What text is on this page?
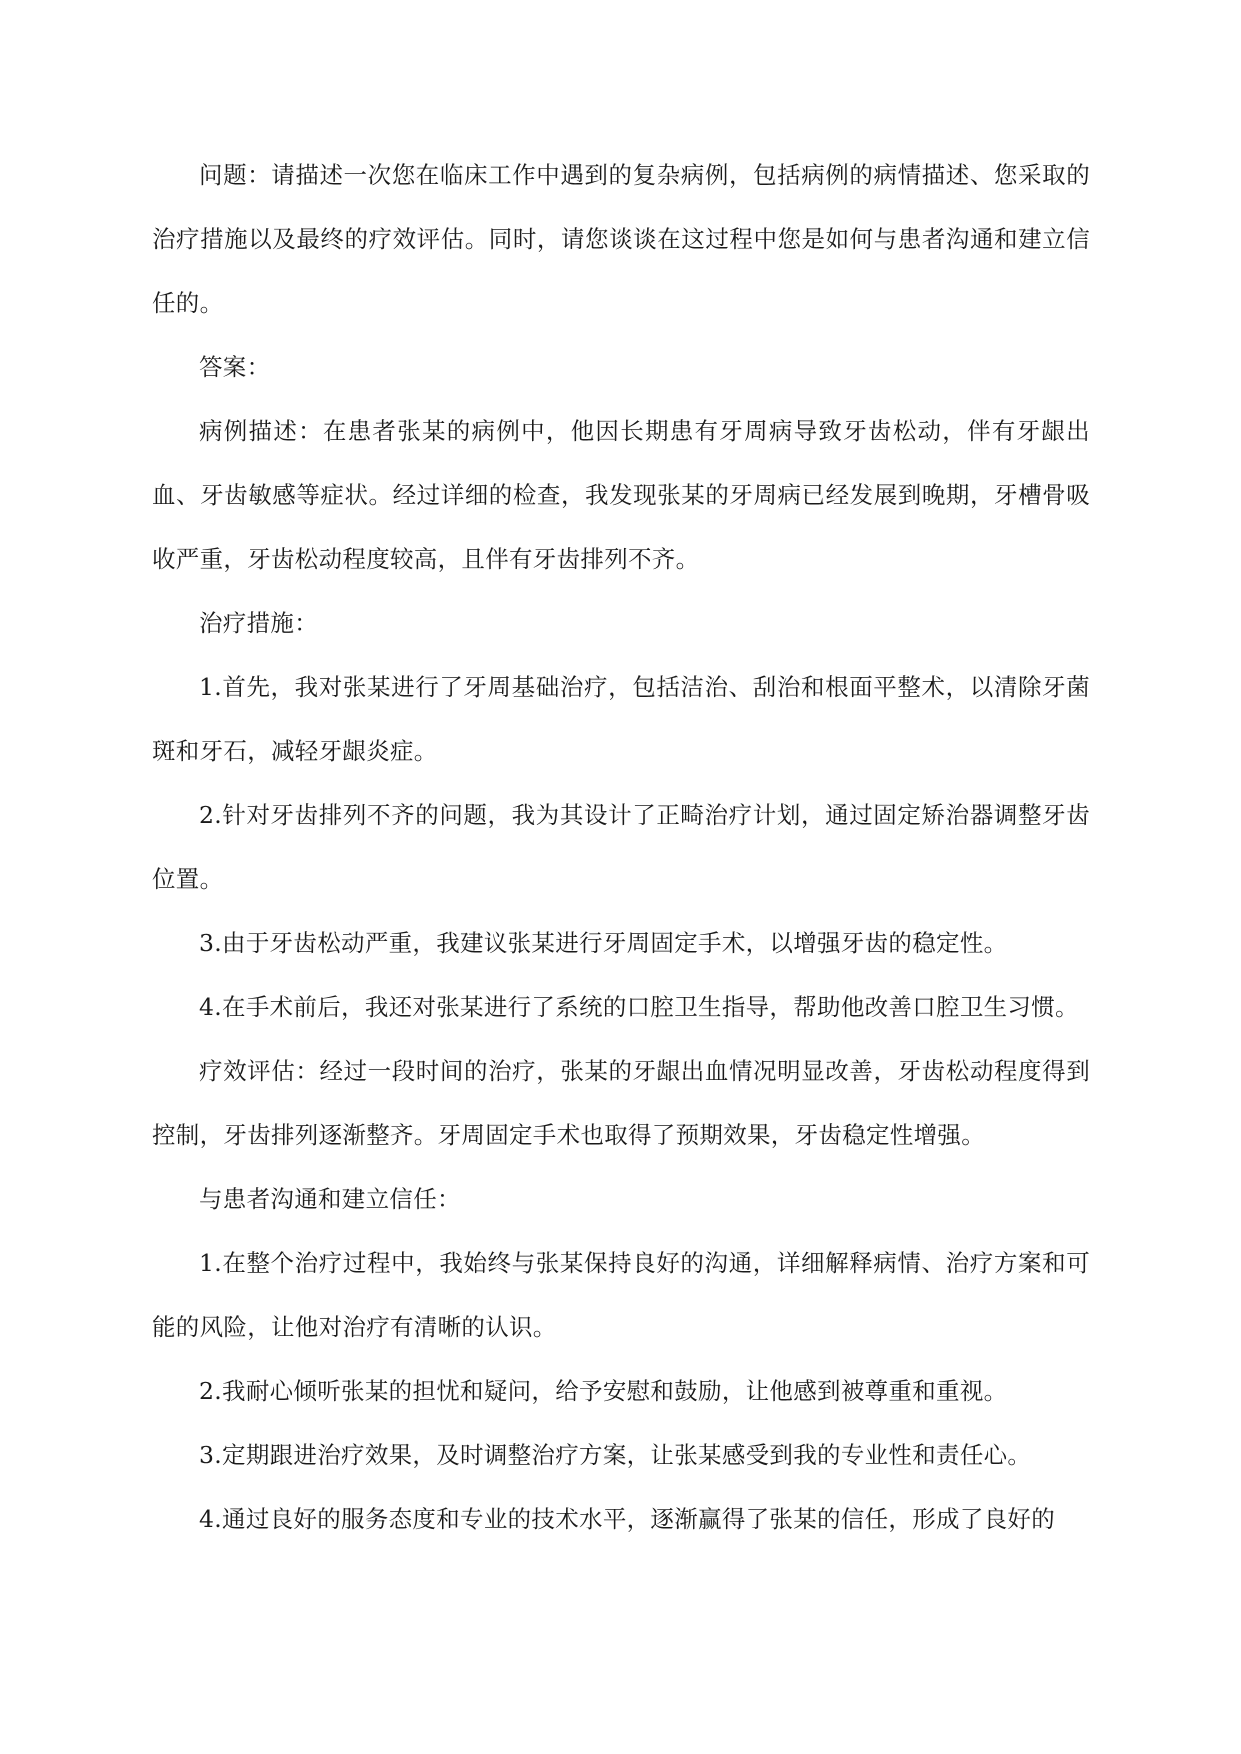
问题：请描述一次您在临床工作中遇到的复杂病例，包括病例的病情描述、您采取的治疗措施以及最终的疗效评估。同时，请您谈谈在这过程中您是如何与患者沟通和建立信任的。

答案：

病例描述：在患者张某的病例中，他因长期患有牙周病导致牙齿松动，伴有牙龈出血、牙齿敏感等症状。经过详细的检查，我发现张某的牙周病已经发展到晚期，牙槽骨吸收严重，牙齿松动程度较高，且伴有牙齿排列不齐。

治疗措施：

1.首先，我对张某进行了牙周基础治疗，包括洁治、刮治和根面平整术，以清除牙菌斑和牙石，减轻牙龈炎症。

2.针对牙齿排列不齐的问题，我为其设计了正畸治疗计划，通过固定矫治器调整牙齿位置。

3.由于牙齿松动严重，我建议张某进行牙周固定手术，以增强牙齿的稳定性。

4.在手术前后，我还对张某进行了系统的口腔卫生指导，帮助他改善口腔卫生习惯。

疗效评估：经过一段时间的治疗，张某的牙龈出血情况明显改善，牙齿松动程度得到控制，牙齿排列逐渐整齐。牙周固定手术也取得了预期效果，牙齿稳定性增强。

与患者沟通和建立信任：

1.在整个治疗过程中，我始终与张某保持良好的沟通，详细解释病情、治疗方案和可能的风险，让他对治疗有清晰的认识。

2.我耐心倾听张某的担忧和疑问，给予安慰和鼓励，让他感到被尊重和重视。

3.定期跟进治疗效果，及时调整治疗方案，让张某感受到我的专业性和责任心。

4.通过良好的服务态度和专业的技术水平，逐渐赢得了张某的信任，形成了良好的
